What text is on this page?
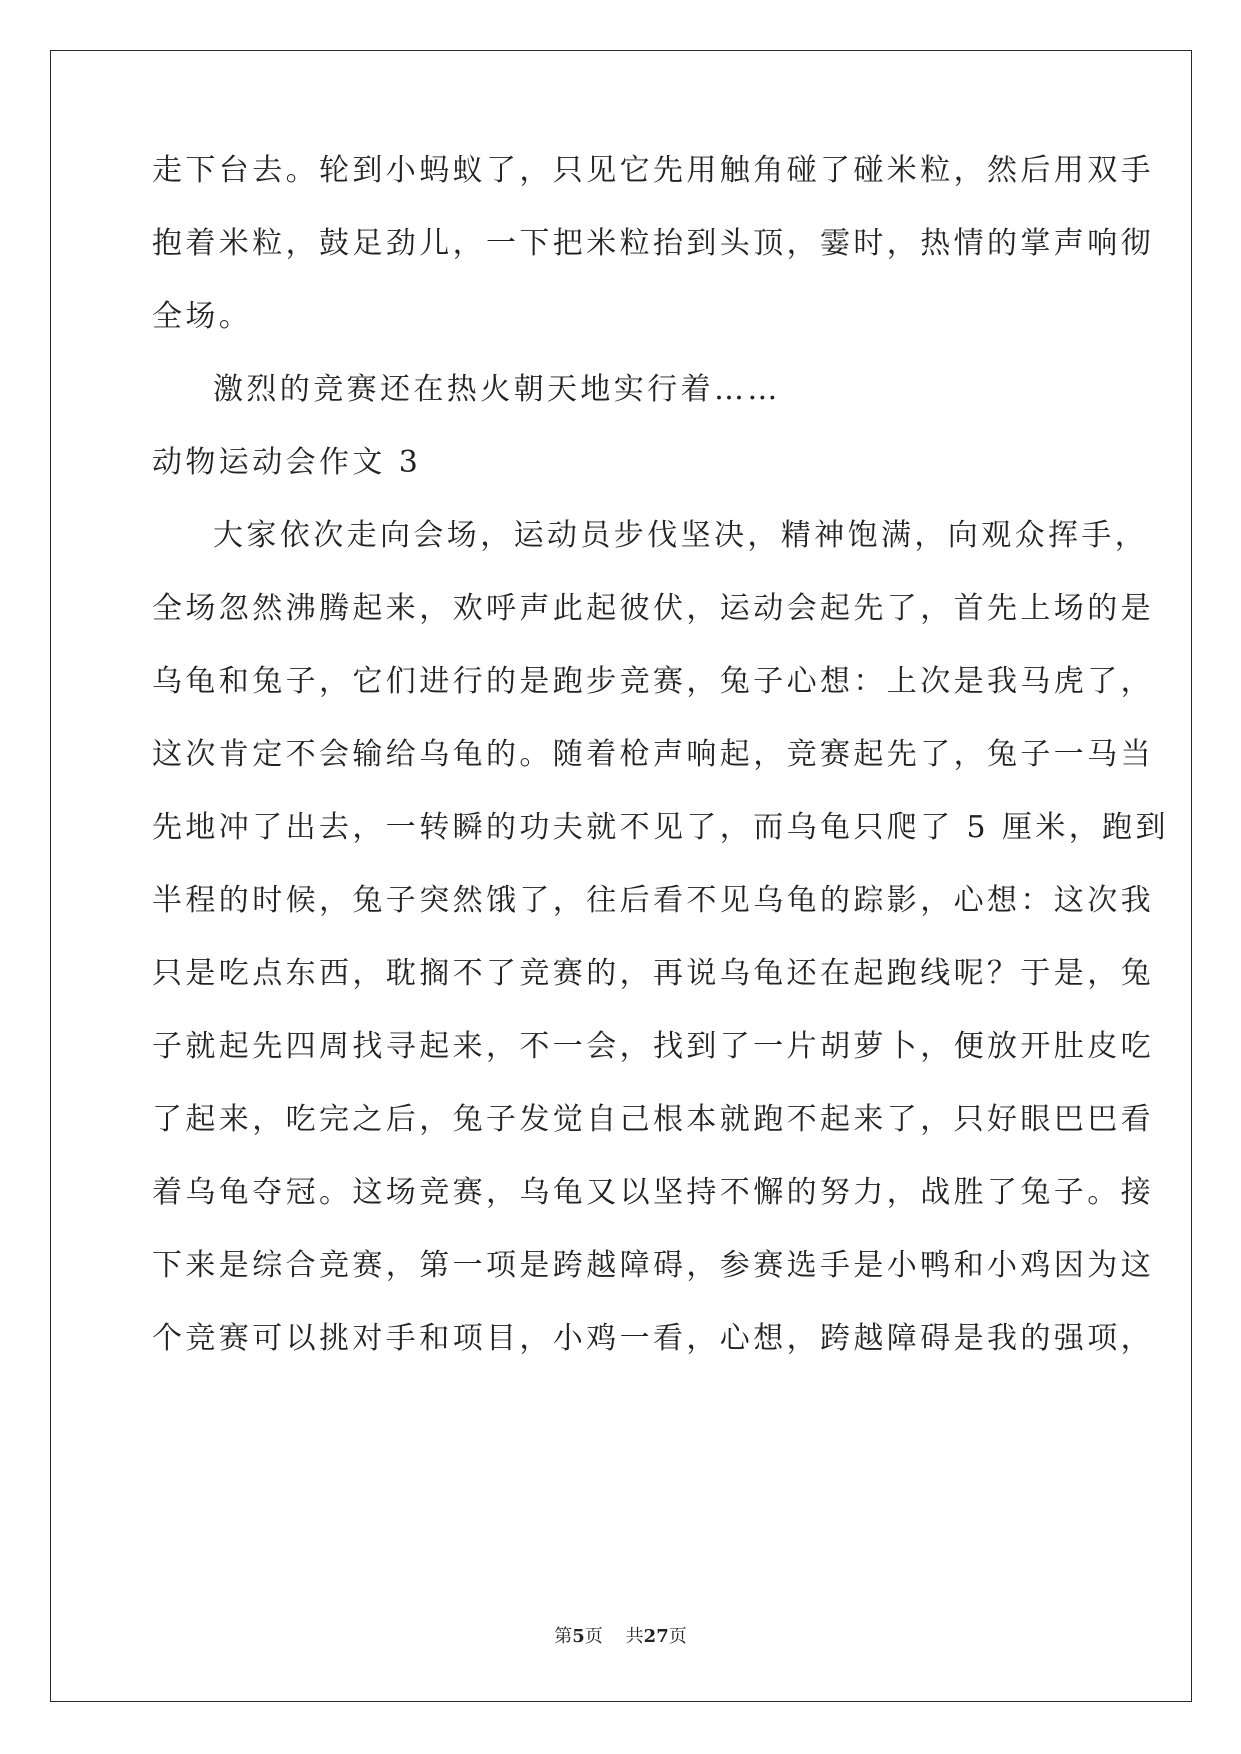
走下台去。轮到小蚂蚁了，只见它先用触角碰了碰米粒，然后用双手

抱着米粒，鼓足劲儿，一下把米粒抬到头顶，霎时，热情的掌声响彻

全场。

激烈的竞赛还在热火朝天地实行着……

动物运动会作文 3

大家依次走向会场，运动员步伐坚决，精神饱满，向观众挥手，

全场忽然沸腾起来，欢呼声此起彼伏，运动会起先了，首先上场的是

乌龟和兔子，它们进行的是跑步竞赛，兔子心想：上次是我马虎了，

这次肯定不会输给乌龟的。随着枪声响起，竞赛起先了，兔子一马当

先地冲了出去，一转瞬的功夫就不见了，而乌龟只爬了 5 厘米，跑到

半程的时候，兔子突然饿了，往后看不见乌龟的踪影，心想：这次我

只是吃点东西，耽搁不了竞赛的，再说乌龟还在起跑线呢？于是，兔

子就起先四周找寻起来，不一会，找到了一片胡萝卜，便放开肚皮吃

了起来，吃完之后，兔子发觉自己根本就跑不起来了，只好眼巴巴看

着乌龟夺冠。这场竞赛，乌龟又以坚持不懈的努力，战胜了兔子。接

下来是综合竞赛，第一项是跨越障碍，参赛选手是小鸭和小鸡因为这

个竞赛可以挑对手和项目，小鸡一看，心想，跨越障碍是我的强项，

第5页 共27页
